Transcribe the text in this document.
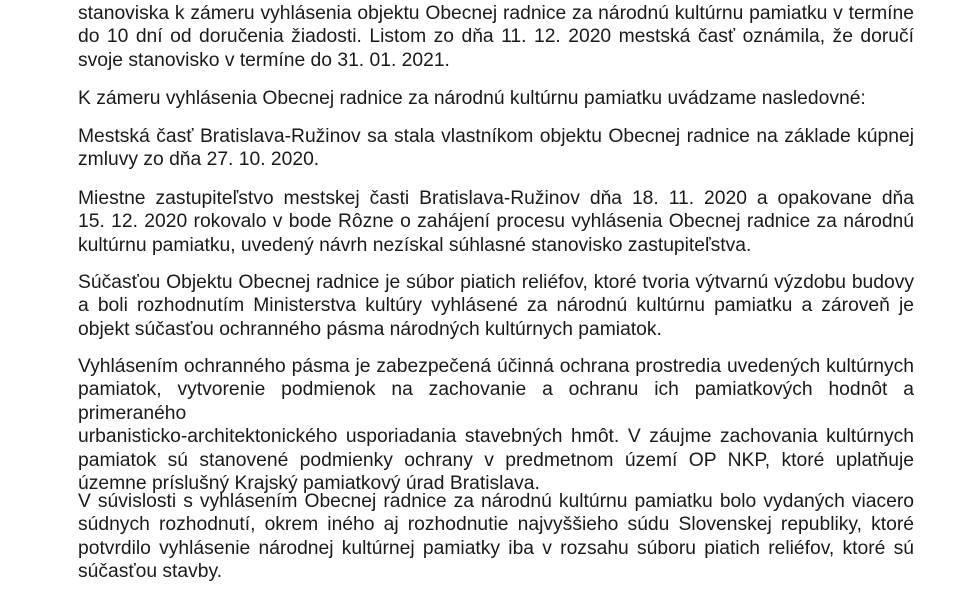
stanoviska k zámeru vyhlásenia objektu Obecnej radnice za národnú kultúrnu pamiatku v termíne
do 10 dní od doručenia žiadosti. Listom zo dňa 11. 12. 2020 mestská časť oznámila, že doručí
svoje stanovisko v termíne do 31. 01. 2021.

K zámeru vyhlásenia Obecnej radnice za národnú kultúrnu pamiatku uvádzame nasledovné:

Mestská časť Bratislava-Ružinov sa stala vlastníkom objektu Obecnej radnice na základe kúpnej
zmluvy zo dňa 27. 10. 2020.

Miestne zastupiteľstvo mestskej časti Bratislava-Ružinov dňa 18. 11. 2020 a opakovane dňa
15. 12. 2020 rokovalo v bode Rôzne o zahájení procesu vyhlásenia Obecnej radnice za národnú
kultúrnu pamiatku, uvedený návrh nezískal súhlasné stanovisko zastupiteľstva.

Súčasťou Objektu Obecnej radnice je súbor piatich reliéfov, ktoré tvoria výtvarnú výzdobu budovy
a boli rozhodnutím Ministerstva kultúry vyhlásené za národnú kultúrnu pamiatku a zároveň je
objekt súčasťou ochranného pásma národných kultúrnych pamiatok.

Vyhlásením ochranného pásma je zabezpečená účinná ochrana prostredia uvedených kultúrnych
pamiatok, vytvorenie podmienok na zachovanie a ochranu ich pamiatkových hodnôt a primeraného
urbanisticko-architektonického usporiadania stavebných hmôt. V záujme zachovania kultúrnych
pamiatok sú stanovené podmienky ochrany v predmetnom území OP NKP, ktoré uplatňuje
územne príslušný Krajský pamiatkový úrad Bratislava.

V súvislosti s vyhlásením Obecnej radnice za národnú kultúrnu pamiatku bolo vydaných viacero
súdnych rozhodnutí, okrem iného aj rozhodnutie najvyššieho súdu Slovenskej republiky, ktoré
potvrdilo vyhlásenie národnej kultúrnej pamiatky iba v rozsahu súboru piatich reliéfov, ktoré sú
súčasťou stavby.
